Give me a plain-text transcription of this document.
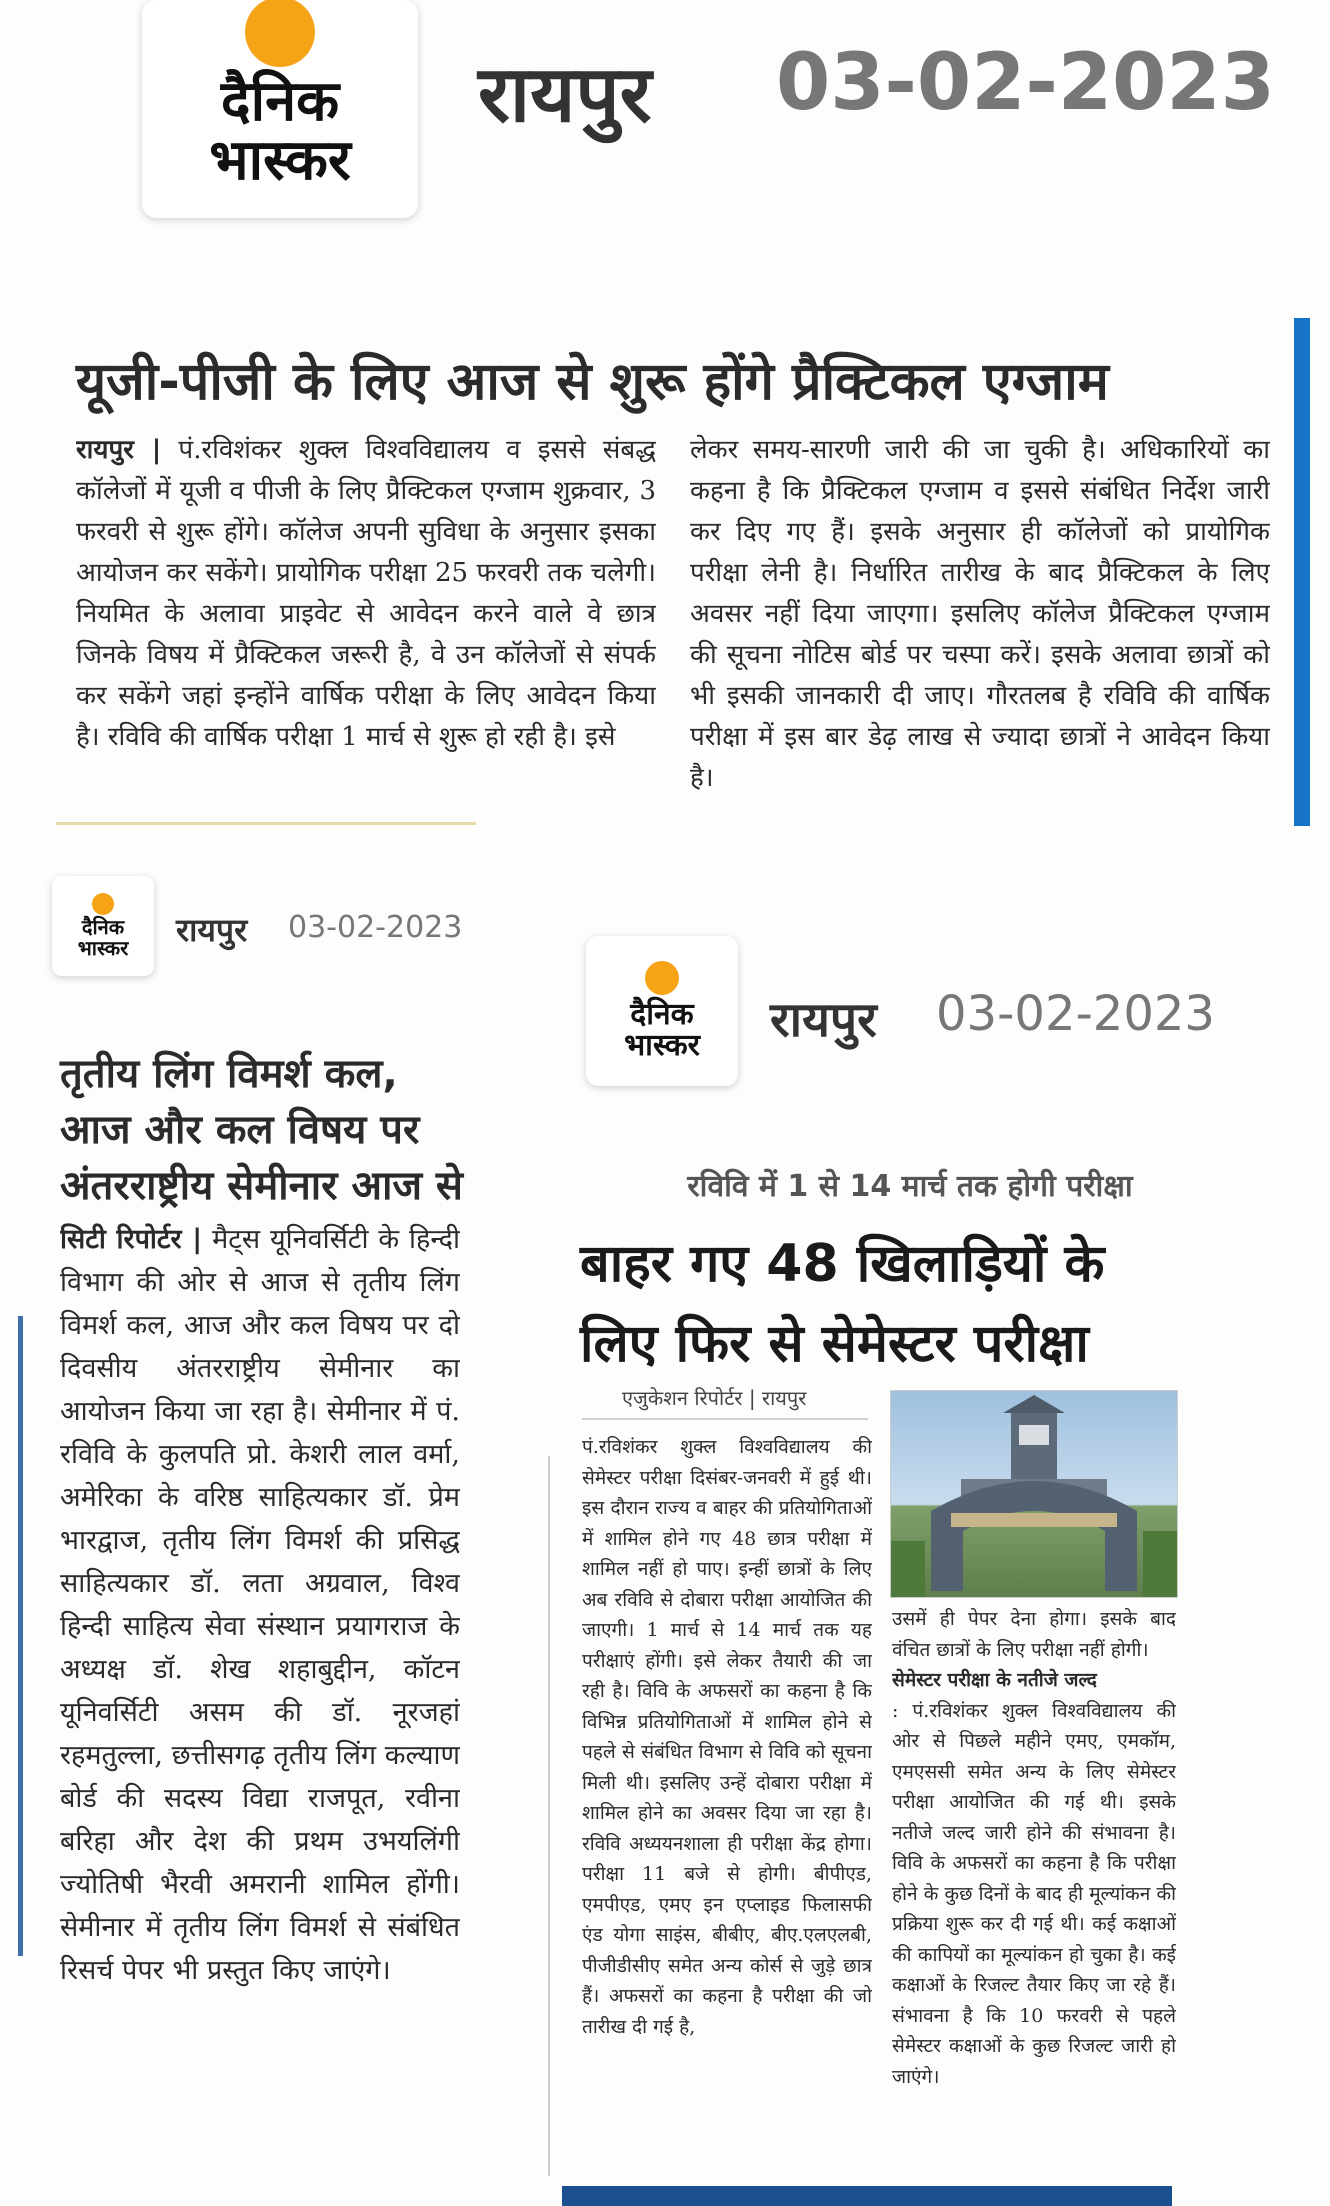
दैनिक
भास्कर
रायपुर 03-02-2023
यूजी-पीजी के लिए आज से शुरू होंगे प्रैक्टिकल एग्जाम
रायपुर | पं.रविशंकर शुक्ल विश्वविद्यालय व इससे संबद्ध कॉलेजों में यूजी व पीजी के लिए प्रैक्टिकल एग्जाम शुक्रवार, 3 फरवरी से शुरू होंगे। कॉलेज अपनी सुविधा के अनुसार इसका आयोजन कर सकेंगे। प्रायोगिक परीक्षा 25 फरवरी तक चलेगी। नियमित के अलावा प्राइवेट से आवेदन करने वाले वे छात्र जिनके विषय में प्रैक्टिकल जरूरी है, वे उन कॉलेजों से संपर्क कर सकेंगे जहां इन्होंने वार्षिक परीक्षा के लिए आवेदन किया है। रविवि की वार्षिक परीक्षा 1 मार्च से शुरू हो रही है। इसे
लेकर समय-सारणी जारी की जा चुकी है। अधिकारियों का कहना है कि प्रैक्टिकल एग्जाम व इससे संबंधित निर्देश जारी कर दिए गए हैं। इसके अनुसार ही कॉलेजों को प्रायोगिक परीक्षा लेनी है। निर्धारित तारीख के बाद प्रैक्टिकल के लिए अवसर नहीं दिया जाएगा। इसलिए कॉलेज प्रैक्टिकल एग्जाम की सूचना नोटिस बोर्ड पर चस्पा करें। इसके अलावा छात्रों को भी इसकी जानकारी दी जाए। गौरतलब है रविवि की वार्षिक परीक्षा में इस बार डेढ़ लाख से ज्यादा छात्रों ने आवेदन किया है।
दैनिक
भास्कर रायपुर 03-02-2023
तृतीय लिंग विमर्श कल,
आज और कल विषय पर
अंतरराष्ट्रीय सेमीनार आज से
सिटी रिपोर्टर | मैट्स यूनिवर्सिटी के हिन्दी विभाग की ओर से आज से तृतीय लिंग विमर्श कल, आज और कल विषय पर दो दिवसीय अंतरराष्ट्रीय सेमीनार का आयोजन किया जा रहा है। सेमीनार में पं. रविवि के कुलपति प्रो. केशरी लाल वर्मा, अमेरिका के वरिष्ठ साहित्यकार डॉ. प्रेम भारद्वाज, तृतीय लिंग विमर्श की प्रसिद्ध साहित्यकार डॉ. लता अग्रवाल, विश्व हिन्दी साहित्य सेवा संस्थान प्रयागराज के अध्यक्ष डॉ. शेख शहाबुद्दीन, कॉटन यूनिवर्सिटी असम की डॉ. नूरजहां रहमतुल्ला, छत्तीसगढ़ तृतीय लिंग कल्याण बोर्ड की सदस्य विद्या राजपूत, रवीना बरिहा और देश की प्रथम उभयलिंगी ज्योतिषी भैरवी अमरानी शामिल होंगी। सेमीनार में तृतीय लिंग विमर्श से संबंधित रिसर्च पेपर भी प्रस्तुत किए जाएंगे।
दैनिक
भास्कर रायपुर 03-02-2023
रविवि में 1 से 14 मार्च तक होगी परीक्षा
बाहर गए 48 खिलाड़ियों के
लिए फिर से सेमेस्टर परीक्षा
एजुकेशन रिपोर्टर | रायपुर
पं.रविशंकर शुक्ल विश्वविद्यालय की सेमेस्टर परीक्षा दिसंबर-जनवरी में हुई थी। इस दौरान राज्य व बाहर की प्रतियोगिताओं में शामिल होने गए 48 छात्र परीक्षा में शामिल नहीं हो पाए। इन्हीं छात्रों के लिए अब रविवि से दोबारा परीक्षा आयोजित की जाएगी। 1 मार्च से 14 मार्च तक यह परीक्षाएं होंगी। इसे लेकर तैयारी की जा रही है। विवि के अफसरों का कहना है कि विभिन्न प्रतियोगिताओं में शामिल होने से पहले से संबंधित विभाग से विवि को सूचना मिली थी। इसलिए उन्हें दोबारा परीक्षा में शामिल होने का अवसर दिया जा रहा है। रविवि अध्ययनशाला ही परीक्षा केंद्र होगा। परीक्षा 11 बजे से होगी। बीपीएड, एमपीएड, एमए इन एप्लाइड फिलासफी एंड योगा साइंस, बीबीए, बीए.एलएलबी, पीजीडीसीए समेत अन्य कोर्स से जुड़े छात्र हैं। अफसरों का कहना है परीक्षा की जो तारीख दी गई है,
उसमें ही पेपर देना होगा। इसके बाद वंचित छात्रों के लिए परीक्षा नहीं होगी।
सेमेस्टर परीक्षा के नतीजे जल्द
: पं.रविशंकर शुक्ल विश्वविद्यालय की ओर से पिछले महीने एमए, एमकॉम, एमएससी समेत अन्य के लिए सेमेस्टर परीक्षा आयोजित की गई थी। इसके नतीजे जल्द जारी होने की संभावना है। विवि के अफसरों का कहना है कि परीक्षा होने के कुछ दिनों के बाद ही मूल्यांकन की प्रक्रिया शुरू कर दी गई थी। कई कक्षाओं की कापियों का मूल्यांकन हो चुका है। कई कक्षाओं के रिजल्ट तैयार किए जा रहे हैं। संभावना है कि 10 फरवरी से पहले सेमेस्टर कक्षाओं के कुछ रिजल्ट जारी हो जाएंगे।
